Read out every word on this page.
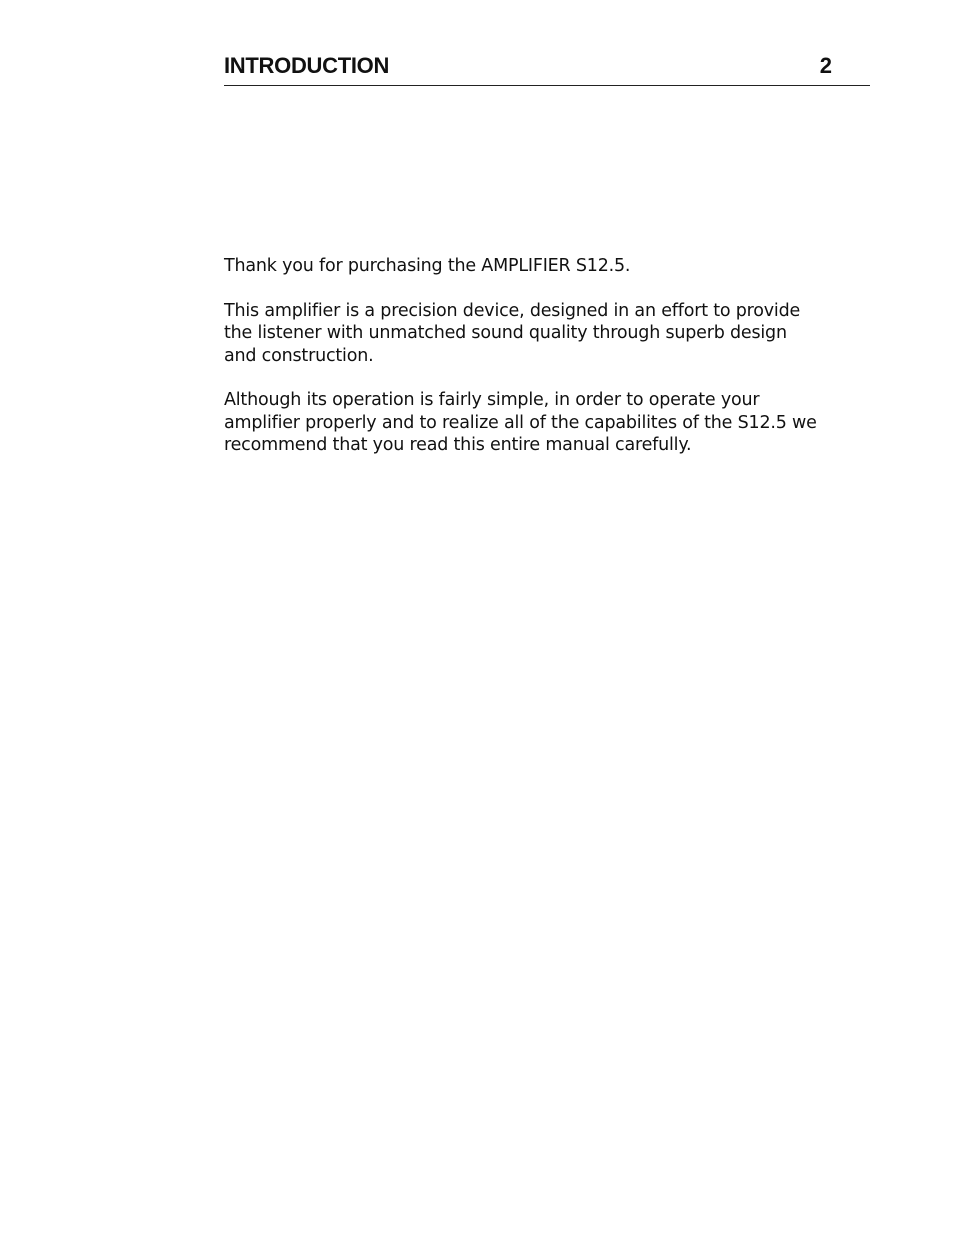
INTRODUCTION	2

Thank you for purchasing the AMPLIFIER S12.5.

This amplifier is a precision device, designed in an effort to provide
the listener with unmatched sound quality through superb design
and construction.

Although its operation is fairly simple, in order to operate your
amplifier properly and to realize all of the capabilites of the S12.5 we
recommend that you read this entire manual carefully.
